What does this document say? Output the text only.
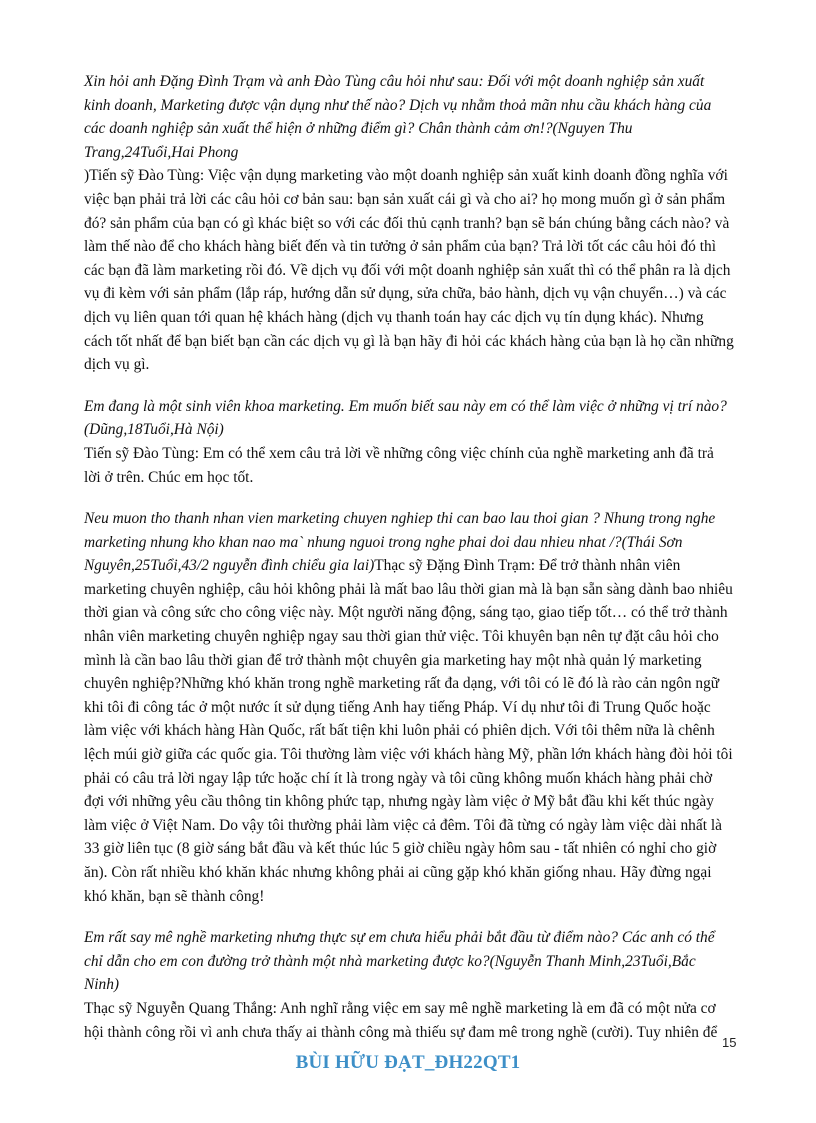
Xin hỏi anh Đặng Đình Trạm và anh Đào Tùng câu hỏi như sau: Đối với một doanh nghiệp sản xuất kinh doanh, Marketing được vận dụng như thế nào? Dịch vụ nhằm thoả mãn nhu cầu khách hàng của các doanh nghiệp sản xuất thể hiện ở những điểm gì? Chân thành cảm ơn!?(Nguyen Thu Trang,24Tuổi,Hai Phong

)Tiến sỹ Đào Tùng: Việc vận dụng marketing vào một doanh nghiệp sản xuất kinh doanh đồng nghĩa với việc bạn phải trả lời các câu hỏi cơ bản sau: bạn sản xuất cái gì và cho ai? họ mong muốn gì ở sản phẩm đó? sản phẩm của bạn có gì khác biệt so với các đối thủ cạnh tranh? bạn sẽ bán chúng bằng cách nào? và làm thế nào để cho khách hàng biết đến và tin tưởng ở sản phẩm của bạn? Trả lời tốt các câu hỏi đó thì các bạn đã làm marketing rồi đó. Về dịch vụ đối với một doanh nghiệp sản xuất thì có thể phân ra là dịch vụ đi kèm với sản phẩm (lắp ráp, hướng dẫn sử dụng, sửa chữa, bảo hành, dịch vụ vận chuyển…) và các dịch vụ liên quan tới quan hệ khách hàng (dịch vụ thanh toán hay các dịch vụ tín dụng khác). Nhưng cách tốt nhất để bạn biết bạn cần các dịch vụ gì là bạn hãy đi hỏi các khách hàng của bạn là họ cần những dịch vụ gì.

Em đang là một sinh viên khoa marketing. Em muốn biết sau này em có thể làm việc ở những vị trí nào?(Dũng,18Tuổi,Hà Nội)

Tiến sỹ Đào Tùng: Em có thể xem câu trả lời về những công việc chính của nghề marketing anh đã trả lời ở trên. Chúc em học tốt.

Neu muon tho thanh nhan vien marketing chuyen nghiep thi can bao lau thoi gian ? Nhung trong nghe marketing nhung kho khan nao ma` nhung nguoi trong nghe phai doi dau nhieu nhat /?(Thái Sơn Nguyên,25Tuổi,43/2 nguyễn đình chiểu gia lai)Thạc sỹ Đặng Đình Trạm: Để trở thành nhân viên marketing chuyên nghiệp, câu hỏi không phải là mất bao lâu thời gian mà là bạn sẵn sàng dành bao nhiêu thời gian và công sức cho công việc này. Một người năng động, sáng tạo, giao tiếp tốt… có thể trở thành nhân viên marketing chuyên nghiệp ngay sau thời gian thử việc. Tôi khuyên bạn nên tự đặt câu hỏi cho mình là cần bao lâu thời gian để trở thành một chuyên gia marketing hay một nhà quản lý marketing chuyên nghiệp?Những khó khăn trong nghề marketing rất đa dạng, với tôi có lẽ đó là rào cản ngôn ngữ khi tôi đi công tác ở một nước ít sử dụng tiếng Anh hay tiếng Pháp. Ví dụ như tôi đi Trung Quốc hoặc làm việc với khách hàng Hàn Quốc, rất bất tiện khi luôn phải có phiên dịch. Với tôi thêm nữa là chênh lệch múi giờ giữa các quốc gia. Tôi thường làm việc với khách hàng Mỹ, phần lớn khách hàng đòi hỏi tôi phải có câu trả lời ngay lập tức hoặc chí ít là trong ngày và tôi cũng không muốn khách hàng phải chờ đợi với những yêu cầu thông tin không phức tạp, nhưng ngày làm việc ở Mỹ bắt đầu khi kết thúc ngày làm việc ở Việt Nam. Do vậy tôi thường phải làm việc cả đêm. Tôi đã từng có ngày làm việc dài nhất là 33 giờ liên tục (8 giờ sáng bắt đầu và kết thúc lúc 5 giờ chiều ngày hôm sau - tất nhiên có nghỉ cho giờ ăn). Còn rất nhiều khó khăn khác nhưng không phải ai cũng gặp khó khăn giống nhau. Hãy đừng ngại khó khăn, bạn sẽ thành công!

Em rất say mê nghề marketing nhưng thực sự em chưa hiểu phải bắt đầu từ điểm nào? Các anh có thể chỉ dẫn cho em con đường trở thành một nhà marketing được ko?(Nguyễn Thanh Minh,23Tuổi,Bắc Ninh)

Thạc sỹ Nguyễn Quang Thắng: Anh nghĩ rằng việc em say mê nghề marketing là em đã có một nửa cơ hội thành công rồi vì anh chưa thấy ai thành công mà thiếu sự đam mê trong nghề (cười). Tuy nhiên để

15
BÙI HỮU ĐẠT_ĐH22QT1
